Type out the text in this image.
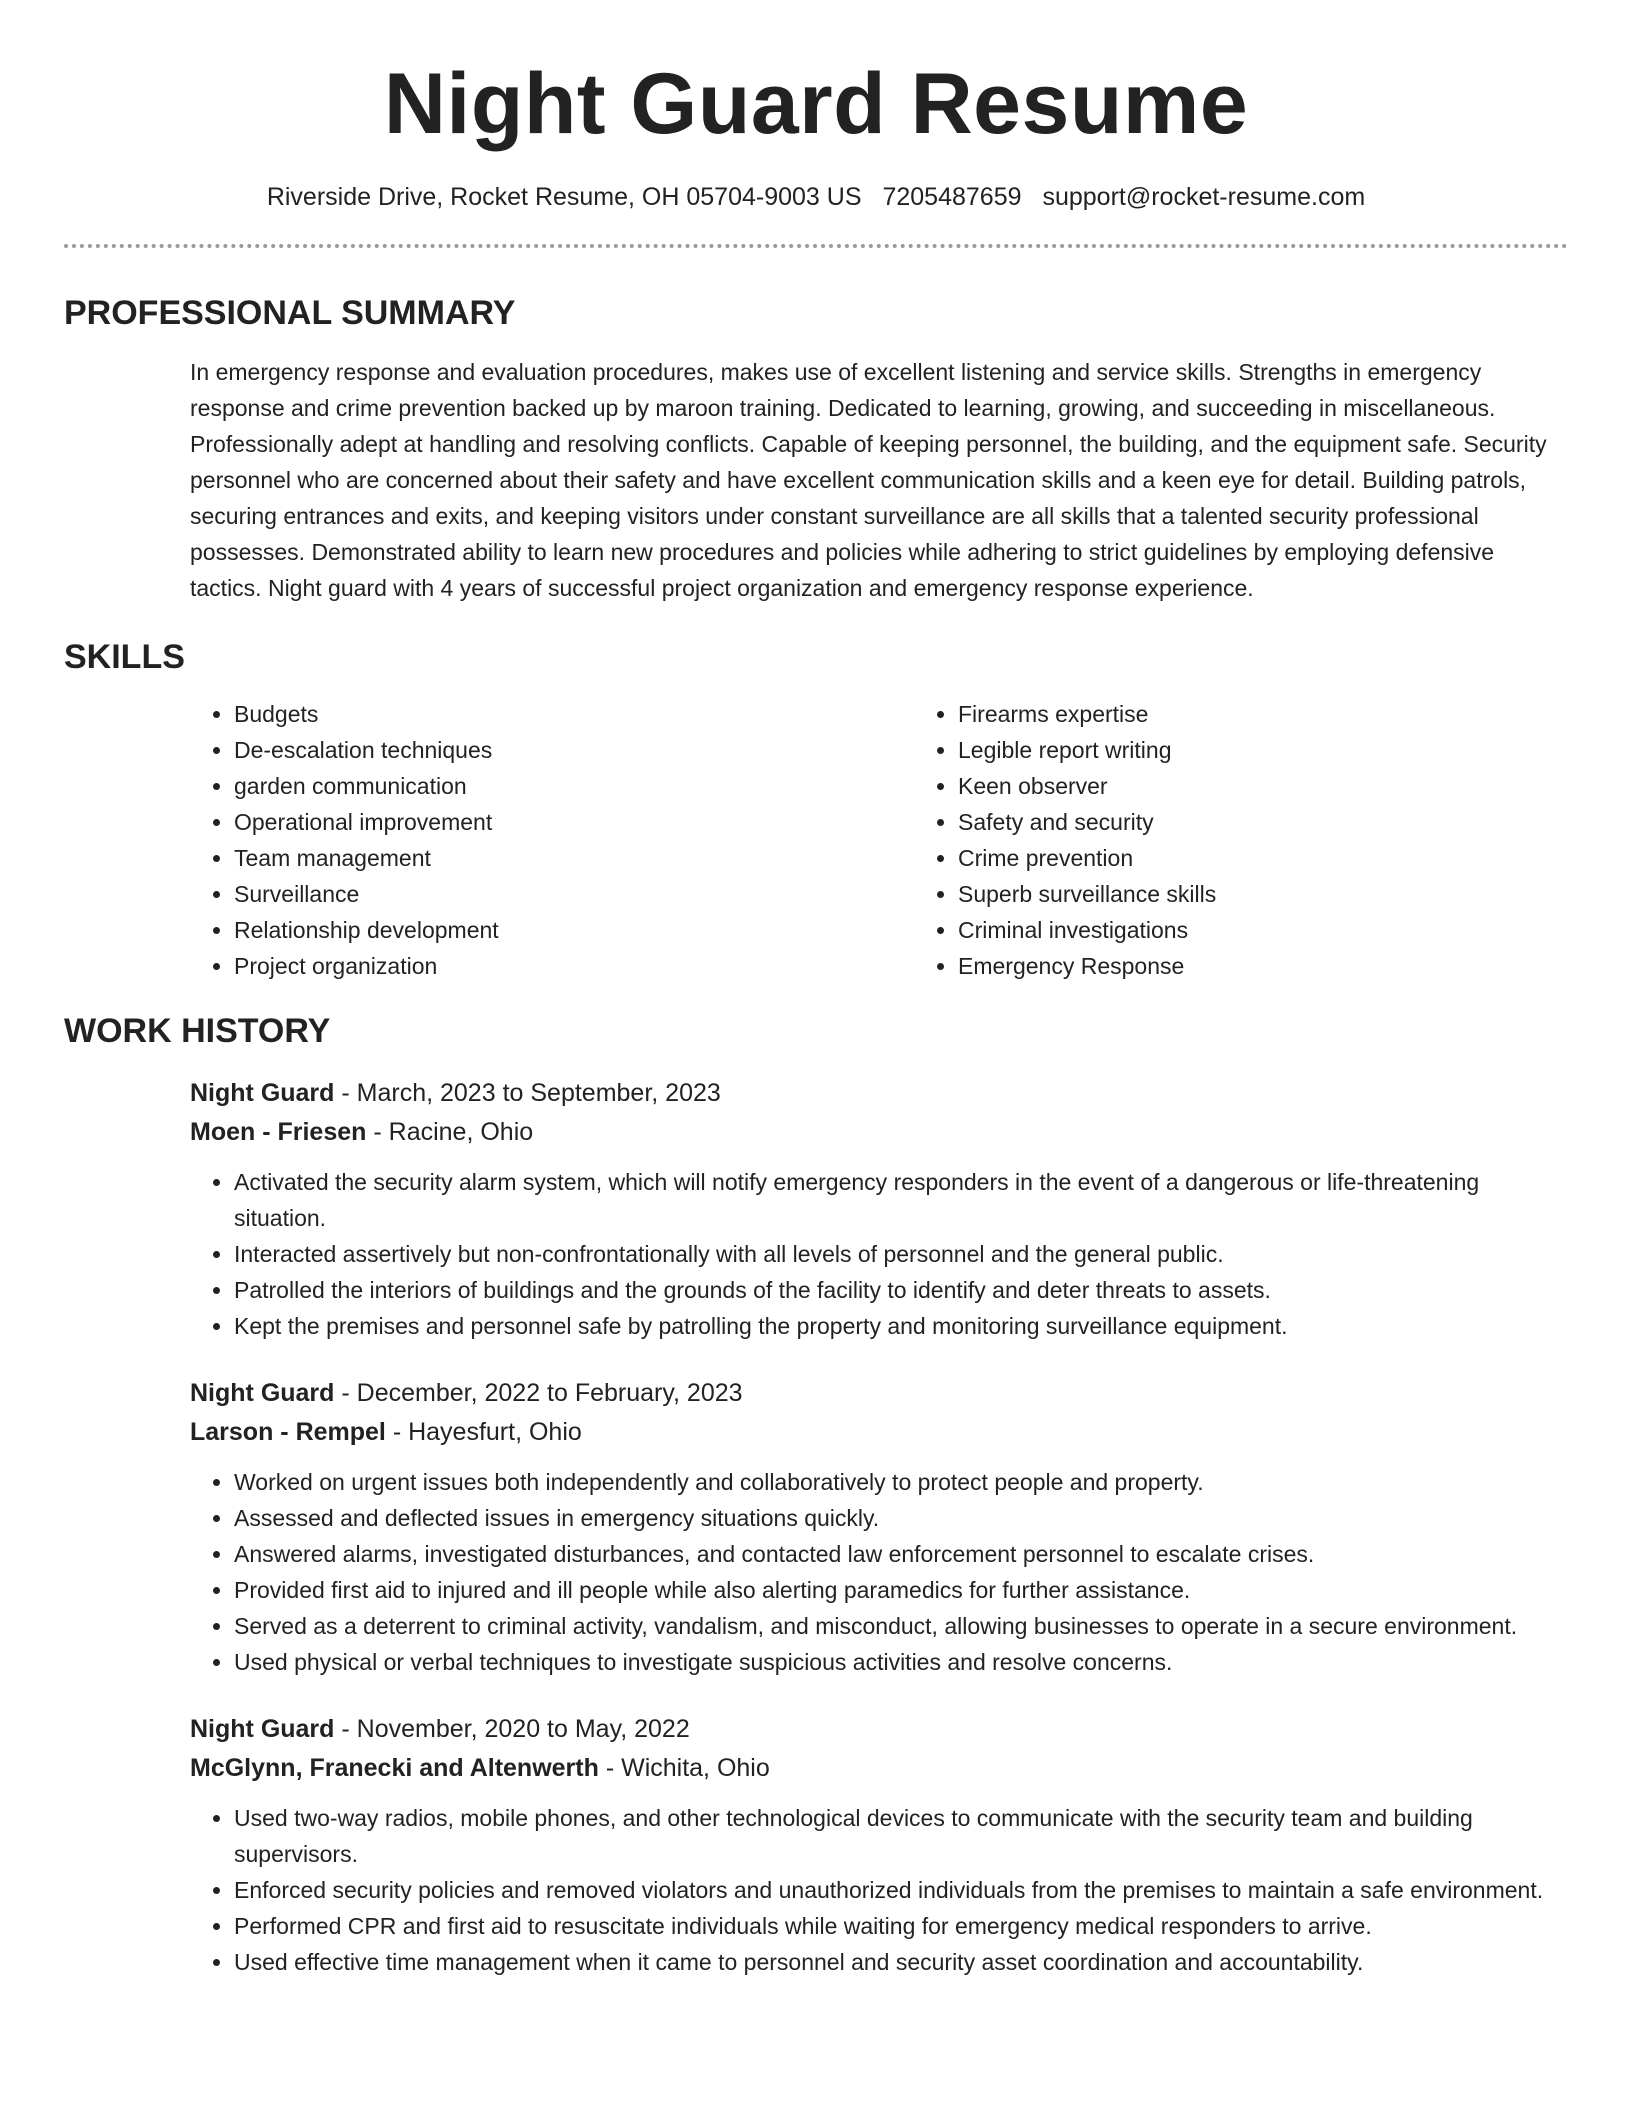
Night Guard Resume
Riverside Drive, Rocket Resume, OH 05704-9003 US 7205487659 support@rocket-resume.com
PROFESSIONAL SUMMARY

In emergency response and evaluation procedures, makes use of excellent listening and service skills. Strengths in emergency response and crime prevention backed up by maroon training. Dedicated to learning, growing, and succeeding in miscellaneous. Professionally adept at handling and resolving conflicts. Capable of keeping personnel, the building, and the equipment safe. Security personnel who are concerned about their safety and have excellent communication skills and a keen eye for detail. Building patrols, securing entrances and exits, and keeping visitors under constant surveillance are all skills that a talented security professional possesses. Demonstrated ability to learn new procedures and policies while adhering to strict guidelines by employing defensive tactics. Night guard with 4 years of successful project organization and emergency response experience.

SKILLS
• Budgets
• De-escalation techniques
• garden communication
• Operational improvement
• Team management
• Surveillance
• Relationship development
• Project organization
• Firearms expertise
• Legible report writing
• Keen observer
• Safety and security
• Crime prevention
• Superb surveillance skills
• Criminal investigations
• Emergency Response
WORK HISTORY
Night Guard - March, 2023 to September, 2023
Moen - Friesen - Racine, Ohio
• Activated the security alarm system, which will notify emergency responders in the event of a dangerous or life-threatening situation.
• Interacted assertively but non-confrontationally with all levels of personnel and the general public.
• Patrolled the interiors of buildings and the grounds of the facility to identify and deter threats to assets.
• Kept the premises and personnel safe by patrolling the property and monitoring surveillance equipment.
Night Guard - December, 2022 to February, 2023
Larson - Rempel - Hayesfurt, Ohio
• Worked on urgent issues both independently and collaboratively to protect people and property.
• Assessed and deflected issues in emergency situations quickly.
• Answered alarms, investigated disturbances, and contacted law enforcement personnel to escalate crises.
• Provided first aid to injured and ill people while also alerting paramedics for further assistance.
• Served as a deterrent to criminal activity, vandalism, and misconduct, allowing businesses to operate in a secure environment.
• Used physical or verbal techniques to investigate suspicious activities and resolve concerns.
Night Guard - November, 2020 to May, 2022
McGlynn, Franecki and Altenwerth - Wichita, Ohio
• Used two-way radios, mobile phones, and other technological devices to communicate with the security team and building supervisors.
• Enforced security policies and removed violators and unauthorized individuals from the premises to maintain a safe environment.
• Performed CPR and first aid to resuscitate individuals while waiting for emergency medical responders to arrive.
• Used effective time management when it came to personnel and security asset coordination and accountability.
